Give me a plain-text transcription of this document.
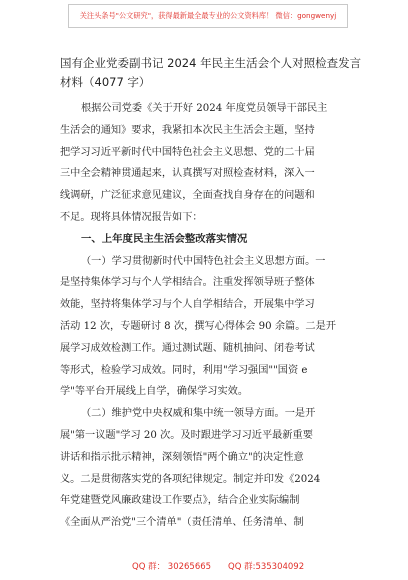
关注头条号"公文研究"，获得最新最全最专业的公文资料库！ 微信：gongwenyj
国有企业党委副书记 2024 年民主生活会个人对照检查发言
材料（4077 字）
根据公司党委《关于开好 2024 年度党员领导干部民主
生活会的通知》要求，我紧扣本次民主生活会主题，坚持
把学习习近平新时代中国特色社会主义思想、党的二十届
三中全会精神贯通起来，认真撰写对照检查材料，深入一
线调研，广泛征求意见建议，全面查找自身存在的问题和
不足。现将具体情况报告如下：
一、上年度民主生活会整改落实情况
（一）学习贯彻新时代中国特色社会主义思想方面。一
是坚持集体学习与个人学相结合。注重发挥领导班子整体
效能，坚持将集体学习与个人自学相结合，开展集中学习
活动 12 次，专题研讨 8 次，撰写心得体会 90 余篇。二是开
展学习成效检测工作。通过测试题、随机抽问、闭卷考试
等形式，检验学习成效。同时，利用"学习强国""国资 e
学"等平台开展线上自学，确保学习实效。
（二）维护党中央权威和集中统一领导方面。一是开
展"第一议题"学习 20 次。及时跟进学习习近平最新重要
讲话和指示批示精神，深刻领悟"两个确立"的决定性意
义。二是贯彻落实党的各项纪律规定。制定并印发《2024
年党建暨党风廉政建设工作要点》，结合企业实际编制
《全面从严治党"三个清单"（责任清单、任务清单、制
QQ 群： 30265665 QQ 群:535304092
